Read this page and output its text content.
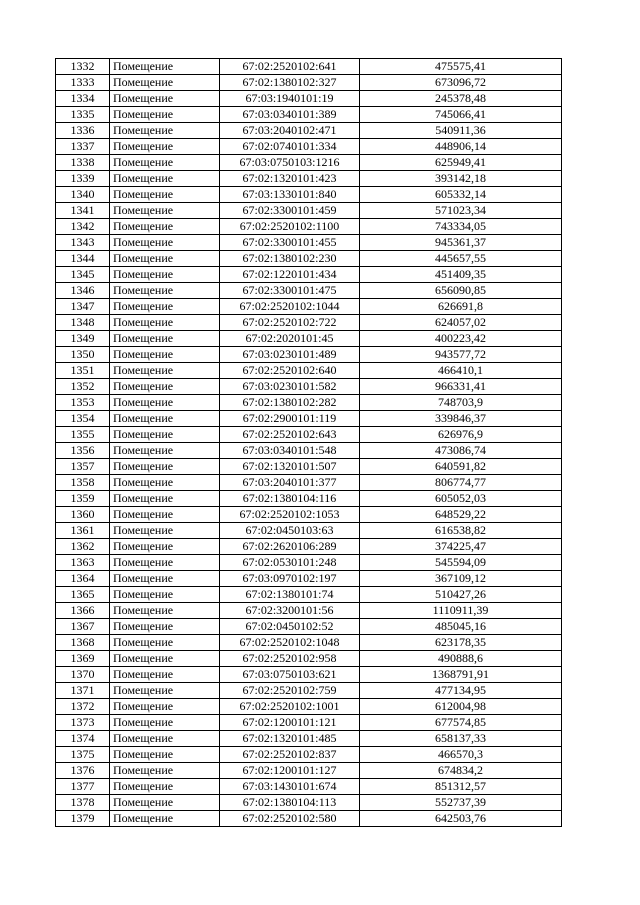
1332	Помещение	67:02:2520102:641	475575,41
1333	Помещение	67:02:1380102:327	673096,72
1334	Помещение	67:03:1940101:19	245378,48
1335	Помещение	67:03:0340101:389	745066,41
1336	Помещение	67:03:2040102:471	540911,36
1337	Помещение	67:02:0740101:334	448906,14
1338	Помещение	67:03:0750103:1216	625949,41
1339	Помещение	67:02:1320101:423	393142,18
1340	Помещение	67:03:1330101:840	605332,14
1341	Помещение	67:02:3300101:459	571023,34
1342	Помещение	67:02:2520102:1100	743334,05
1343	Помещение	67:02:3300101:455	945361,37
1344	Помещение	67:02:1380102:230	445657,55
1345	Помещение	67:02:1220101:434	451409,35
1346	Помещение	67:02:3300101:475	656090,85
1347	Помещение	67:02:2520102:1044	626691,8
1348	Помещение	67:02:2520102:722	624057,02
1349	Помещение	67:02:2020101:45	400223,42
1350	Помещение	67:03:0230101:489	943577,72
1351	Помещение	67:02:2520102:640	466410,1
1352	Помещение	67:03:0230101:582	966331,41
1353	Помещение	67:02:1380102:282	748703,9
1354	Помещение	67:02:2900101:119	339846,37
1355	Помещение	67:02:2520102:643	626976,9
1356	Помещение	67:03:0340101:548	473086,74
1357	Помещение	67:02:1320101:507	640591,82
1358	Помещение	67:03:2040101:377	806774,77
1359	Помещение	67:02:1380104:116	605052,03
1360	Помещение	67:02:2520102:1053	648529,22
1361	Помещение	67:02:0450103:63	616538,82
1362	Помещение	67:02:2620106:289	374225,47
1363	Помещение	67:02:0530101:248	545594,09
1364	Помещение	67:03:0970102:197	367109,12
1365	Помещение	67:02:1380101:74	510427,26
1366	Помещение	67:02:3200101:56	1110911,39
1367	Помещение	67:02:0450102:52	485045,16
1368	Помещение	67:02:2520102:1048	623178,35
1369	Помещение	67:02:2520102:958	490888,6
1370	Помещение	67:03:0750103:621	1368791,91
1371	Помещение	67:02:2520102:759	477134,95
1372	Помещение	67:02:2520102:1001	612004,98
1373	Помещение	67:02:1200101:121	677574,85
1374	Помещение	67:02:1320101:485	658137,33
1375	Помещение	67:02:2520102:837	466570,3
1376	Помещение	67:02:1200101:127	674834,2
1377	Помещение	67:03:1430101:674	851312,57
1378	Помещение	67:02:1380104:113	552737,39
1379	Помещение	67:02:2520102:580	642503,76
